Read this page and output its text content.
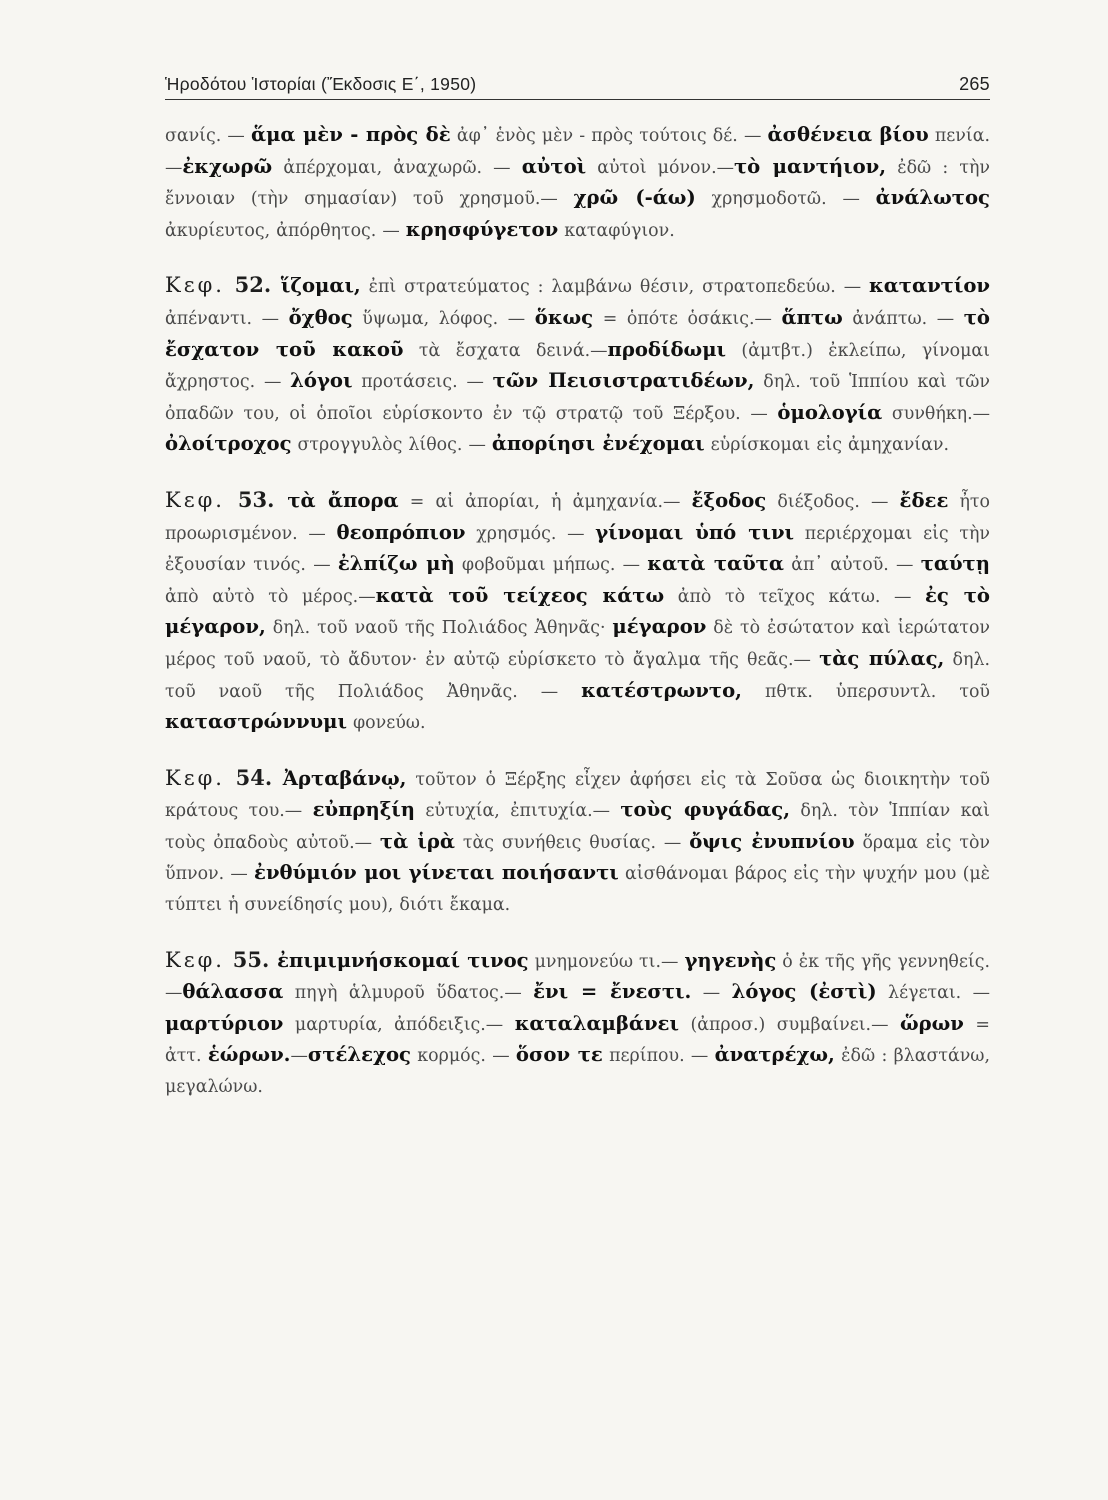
Ἡροδότου Ἱστορίαι (Ἔκδοσις Ε΄, 1950)	265
σανίς. — ἅμα μὲν - πρὸς δὲ ἀφ᾿ ἑνὸς μὲν - πρὸς τούτοις δέ. — ἀσθένεια βίου πενία.—ἐκχωρῶ ἀπέρχομαι, ἀναχωρῶ. — αὐτοὶ αὐτοὶ μόνον.—τὸ μαντήιον, ἐδῶ : τὴν ἔννοιαν (τὴν σημασίαν) τοῦ χρησμοῦ.— χρῶ (-άω) χρησμοδοτῶ. — ἀνάλωτος ἀκυρίευτος, ἀπόρθητος. — κρησφύγετον καταφύγιον.
Κεφ. 52. ἵζομαι, ἐπὶ στρατεύματος : λαμβάνω θέσιν, στρατοπεδεύω. — καταντίον ἀπέναντι. — ὄχθος ὕψωμα, λόφος. — ὅκως = ὁπότε ὁσάκις.— ἅπτω ἀνάπτω. — τὸ ἔσχατον τοῦ κακοῦ τὰ ἔσχατα δεινά.—προδίδωμι (ἀμτβτ.) ἐκλείπω, γίνομαι ἄχρηστος. — λόγοι προτάσεις. — τῶν Πεισιστρατιδέων, δηλ. τοῦ Ἱππίου καὶ τῶν ὀπαδῶν του, οἱ ὁποῖοι εὑρίσκοντο ἐν τῷ στρατῷ τοῦ Ξέρξου. — ὁμολογία συνθήκη.— ὀλοίτροχος στρογγυλὸς λίθος. — ἀπορίησι ἐνέχομαι εὑρίσκομαι εἰς ἀμηχανίαν.
Κεφ. 53. τὰ ἄπορα = αἱ ἀπορίαι, ἡ ἀμηχανία.— ἔξοδος διέξοδος. — ἔδεε ἦτο προωρισμένον. — θεοπρόπιον χρησμός. — γίνομαι ὑπό τινι περιέρχομαι εἰς τὴν ἐξουσίαν τινός. — ἐλπίζω μὴ φοβοῦμαι μήπως. — κατὰ ταῦτα ἀπ᾿ αὐτοῦ. — ταύτῃ ἀπὸ αὐτὸ τὸ μέρος.—κατὰ τοῦ τείχεος κάτω ἀπὸ τὸ τεῖχος κάτω. — ἐς τὸ μέγαρον, δηλ. τοῦ ναοῦ τῆς Πολιάδος Ἀθηνᾶς· μέγαρον δὲ τὸ ἐσώτατον καὶ ἱερώτατον μέρος τοῦ ναοῦ, τὸ ἄδυτον· ἐν αὐτῷ εὑρίσκετο τὸ ἄγαλμα τῆς θεᾶς.— τὰς πύλας, δηλ. τοῦ ναοῦ τῆς Πολιάδος Ἀθηνᾶς. — κατέστρωντο, πθτκ. ὑπερσυντλ. τοῦ καταστρώννυμι φονεύω.
Κεφ. 54. Ἀρταβάνῳ, τοῦτον ὁ Ξέρξης εἶχεν ἀφήσει εἰς τὰ Σοῦσα ὡς διοικητὴν τοῦ κράτους του.— εὐπρηξίη εὐτυχία, ἐπιτυχία.— τοὺς φυγάδας, δηλ. τὸν Ἱππίαν καὶ τοὺς ὀπαδοὺς αὐτοῦ.— τὰ ἱρὰ τὰς συνήθεις θυσίας. — ὄψις ἐνυπνίου ὅραμα εἰς τὸν ὕπνον. — ἐνθύμιόν μοι γίνεται ποιήσαντι αἰσθάνομαι βάρος εἰς τὴν ψυχήν μου (μὲ τύπτει ἡ συνείδησίς μου), διότι ἔκαμα.
Κεφ. 55. ἐπιμιμνήσκομαί τινος μνημονεύω τι.— γηγενὴς ὁ ἐκ τῆς γῆς γεννηθείς.—θάλασσα πηγὴ ἁλμυροῦ ὕδατος.— ἔνι = ἔνεστι. — λόγος (ἐστὶ) λέγεται. — μαρτύριον μαρτυρία, ἀπόδειξις.— καταλαμβάνει (ἀπροσ.) συμβαίνει.— ὥρων = ἀττ. ἑώρων.—στέλεχος κορμός. — ὅσον τε περίπου. — ἀνατρέχω, ἐδῶ : βλαστάνω, μεγαλώνω.
